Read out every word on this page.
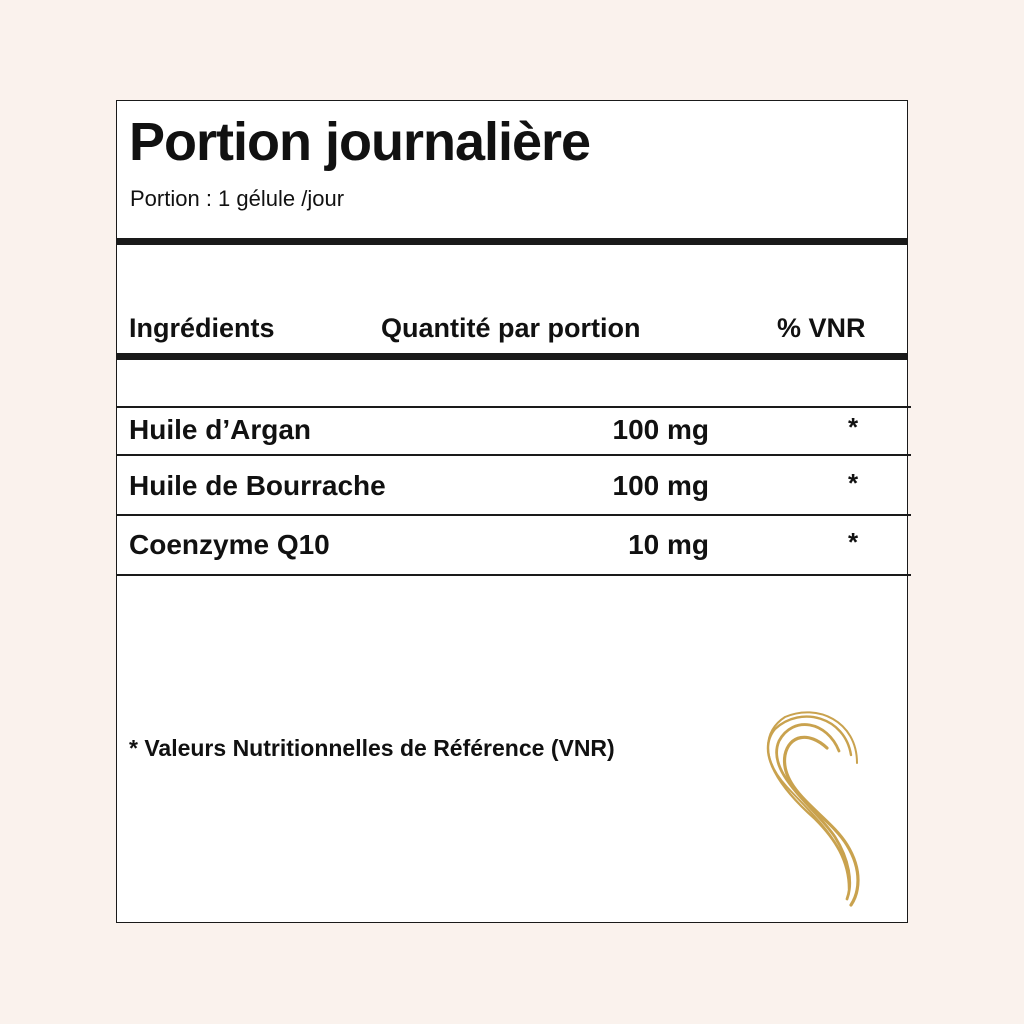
Portion journalière
Portion : 1 gélule /jour
Ingrédients	Quantité par portion	% VNR
Huile d’Argan	100 mg	*
Huile de Bourrache	100 mg	*
Coenzyme Q10	10 mg	*
* Valeurs Nutritionnelles de Référence (VNR)
